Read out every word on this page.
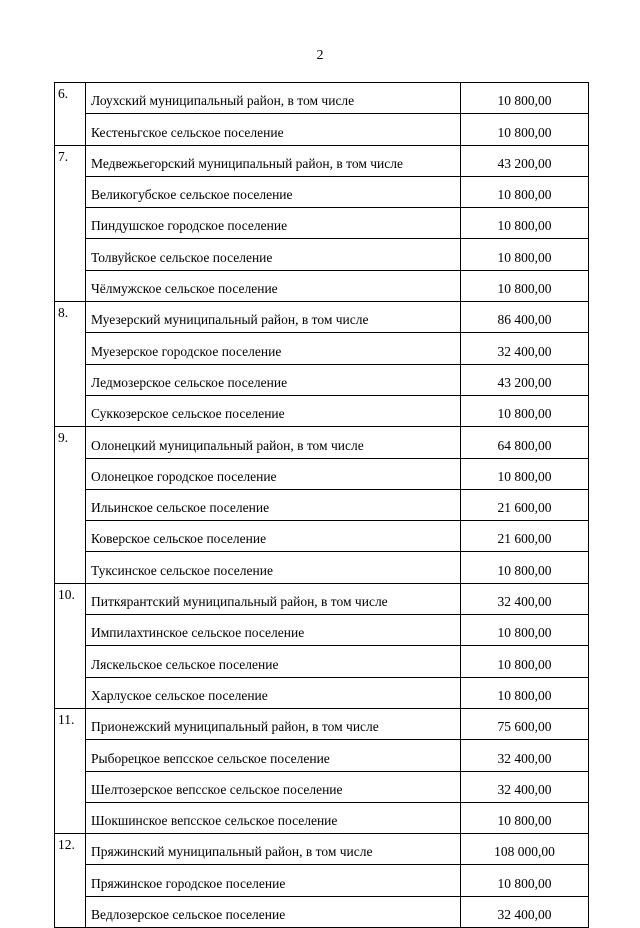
2
6.	Лоухский муниципальный район, в том числе	10 800,00
	Кестеньгское сельское поселение	10 800,00
7.	Медвежьегорский муниципальный район, в том числе	43 200,00
	Великогубское сельское поселение	10 800,00
	Пиндушское городское поселение	10 800,00
	Толвуйское сельское поселение	10 800,00
	Чёлмужское сельское поселение	10 800,00
8.	Муезерский муниципальный район, в том числе	86 400,00
	Муезерское городское поселение	32 400,00
	Ледмозерское сельское поселение	43 200,00
	Суккозерское сельское поселение	10 800,00
9.	Олонецкий муниципальный район, в том числе	64 800,00
	Олонецкое городское поселение	10 800,00
	Ильинское сельское поселение	21 600,00
	Коверское сельское поселение	21 600,00
	Туксинское сельское поселение	10 800,00
10.	Питкярантский муниципальный район, в том числе	32 400,00
	Импилахтинское сельское поселение	10 800,00
	Ляскельское сельское поселение	10 800,00
	Харлуское сельское поселение	10 800,00
11.	Прионежский муниципальный район, в том числе	75 600,00
	Рыборецкое вепсское сельское поселение	32 400,00
	Шелтозерское вепсское сельское поселение	32 400,00
	Шокшинское вепсское сельское поселение	10 800,00
12.	Пряжинский муниципальный район, в том числе	108 000,00
	Пряжинское городское поселение	10 800,00
	Ведлозерское сельское поселение	32 400,00
